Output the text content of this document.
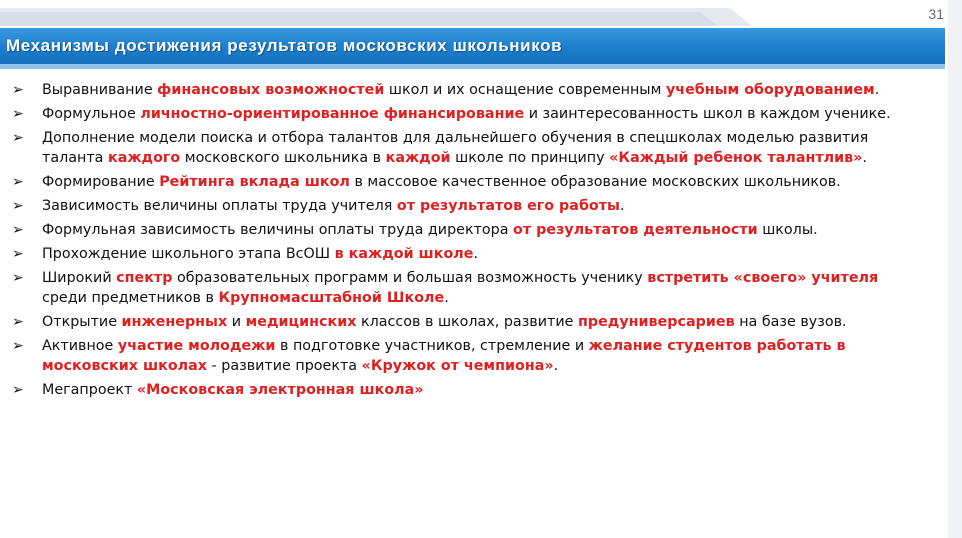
31
Механизмы достижения результатов московских школьников
➢ Выравнивание финансовых возможностей школ и их оснащение современным учебным оборудованием.
➢ Формульное личностно-ориентированное финансирование и заинтересованность школ в каждом ученике.
➢ Дополнение модели поиска и отбора талантов для дальнейшего обучения в спецшколах моделью развития таланта каждого московского школьника в каждой школе по принципу «Каждый ребенок талантлив».
➢ Формирование Рейтинга вклада школ в массовое качественное образование московских школьников.
➢ Зависимость величины оплаты труда учителя от результатов его работы.
➢ Формульная зависимость величины оплаты труда директора от результатов деятельности школы.
➢ Прохождение школьного этапа ВсОШ в каждой школе.
➢ Широкий спектр образовательных программ и большая возможность ученику встретить «своего» учителя среди предметников в Крупномасштабной Школе.
➢ Открытие инженерных и медицинских классов в школах, развитие предуниверсариев на базе вузов.
➢ Активное участие молодежи в подготовке участников, стремление и желание студентов работать в московских школах - развитие проекта «Кружок от чемпиона».
➢ Мегапроект «Московская электронная школа»
